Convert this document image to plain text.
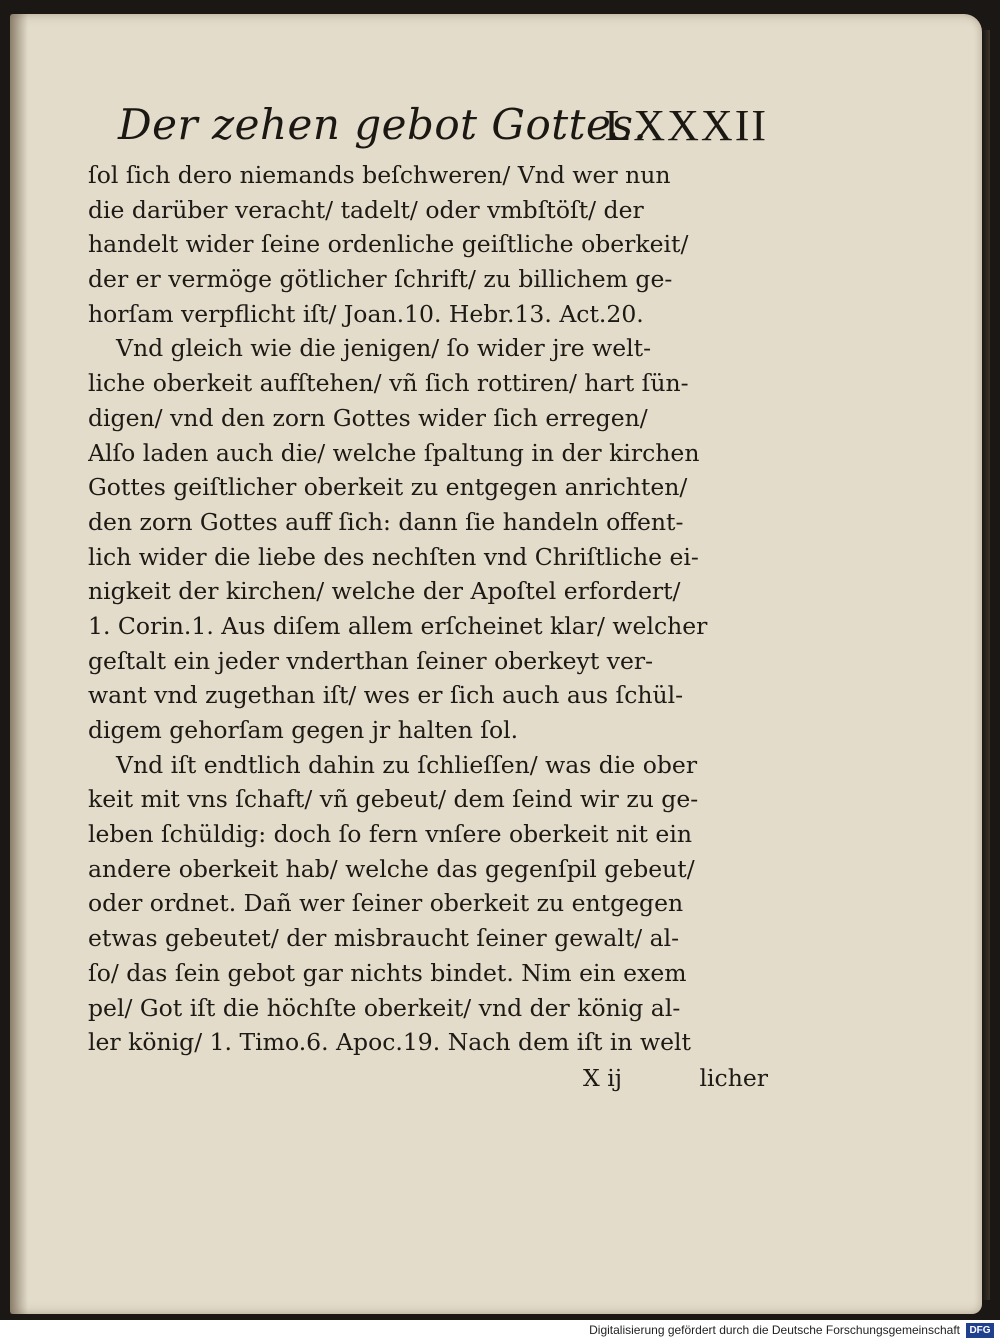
Der zehen gebot Gottes.
LXXXII
ſol ſich dero niemands beſchweren/ Vnd wer nun
die darüber veracht/ tadelt/ oder vmbſtöſt/ der
handelt wider ſeine ordenliche geiſtliche oberkeit/
der er vermöge götlicher ſchrift/ zu billichem ge-
horſam verpflicht iſt/ Joan.10. Hebr.13. Act.20.
Vnd gleich wie die jenigen/ ſo wider jre welt-
liche oberkeit aufſtehen/ vñ ſich rottiren/ hart ſün-
digen/ vnd den zorn Gottes wider ſich erregen/
Alſo laden auch die/ welche ſpaltung in der kirchen
Gottes geiſtlicher oberkeit zu entgegen anrichten/
den zorn Gottes auff ſich: dann ſie handeln offent-
lich wider die liebe des nechſten vnd Chriſtliche ei-
nigkeit der kirchen/ welche der Apoſtel erfordert/
1. Corin.1. Aus diſem allem erſcheinet klar/ welcher
geſtalt ein jeder vnderthan ſeiner oberkeyt ver-
want vnd zugethan iſt/ wes er ſich auch aus ſchül-
digem gehorſam gegen jr halten ſol.
Vnd iſt endtlich dahin zu ſchlieſſen/ was die ober
keit mit vns ſchaft/ vñ gebeut/ dem ſeind wir zu ge-
leben ſchüldig: doch ſo fern vnſere oberkeit nit ein
andere oberkeit hab/ welche das gegenſpil gebeut/
oder ordnet. Dañ wer ſeiner oberkeit zu entgegen
etwas gebeutet/ der misbraucht ſeiner gewalt/ al-
ſo/ das ſein gebot gar nichts bindet. Nim ein exem
pel/ Got iſt die höchſte oberkeit/ vnd der könig al-
ler könig/ 1. Timo.6. Apoc.19. Nach dem iſt in welt
X ij	licher
Digitalisierung gefördert durch die Deutsche Forschungsgemeinschaft DFG
